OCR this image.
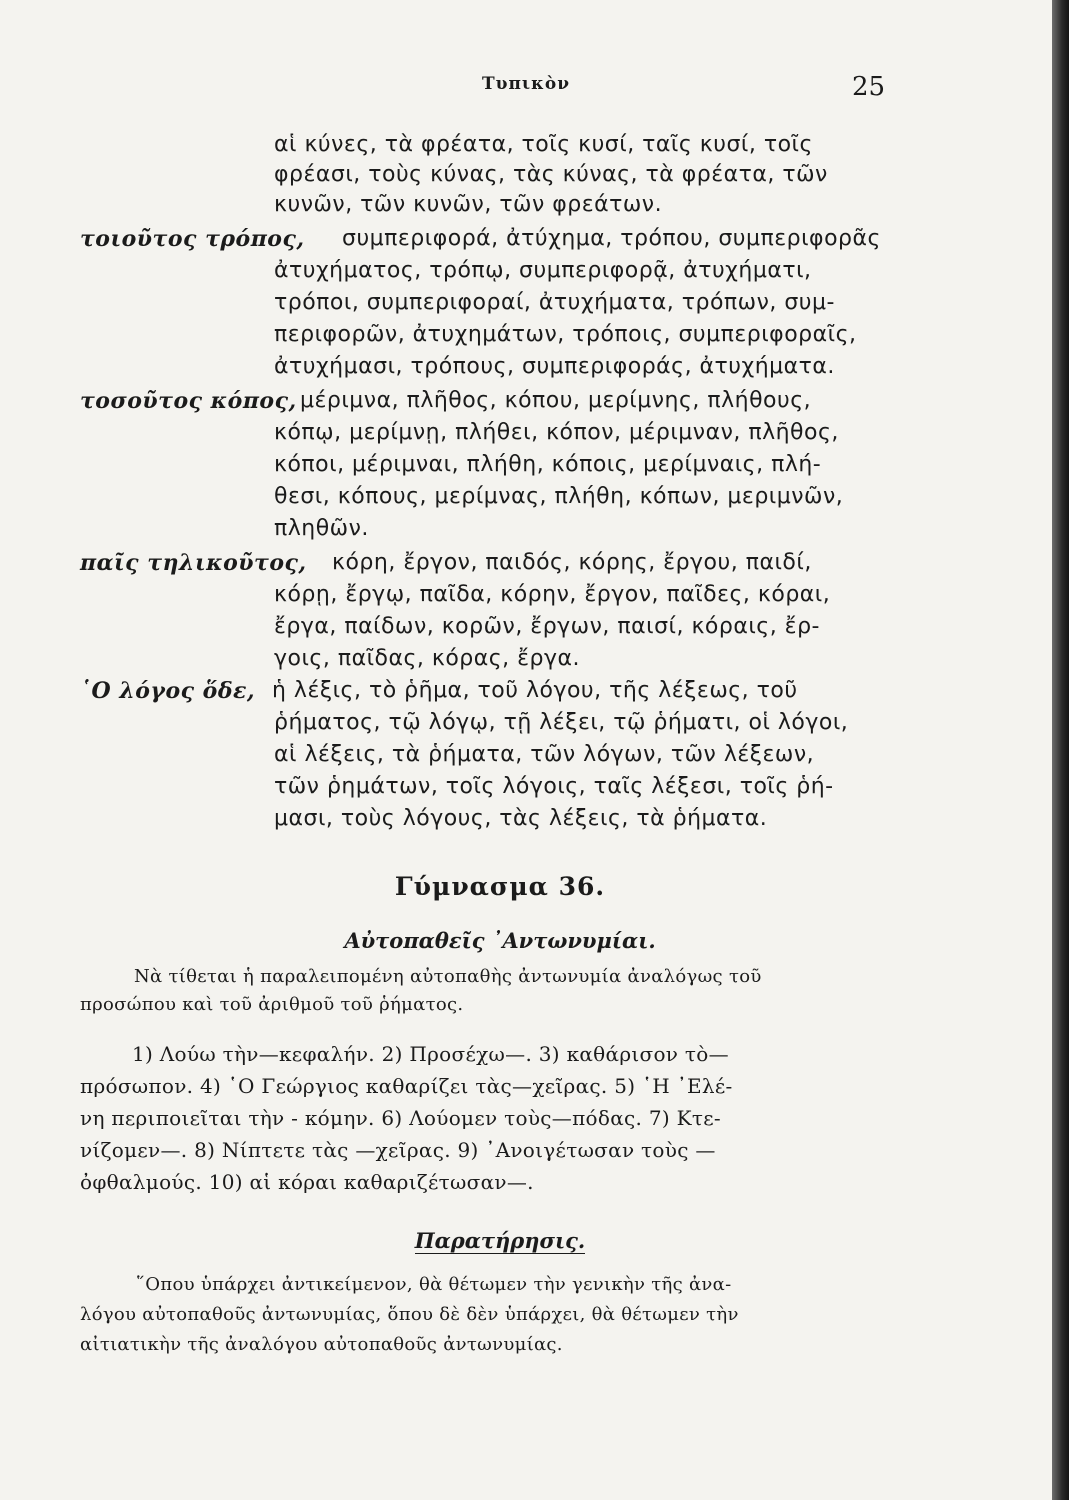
Τυπικὸν	25
αἱ κύνες, τὰ φρέατα, τοῖς κυσί, ταῖς κυσί, τοῖς
φρέασι, τοὺς κύνας, τὰς κύνας, τὰ φρέατα, τῶν
κυνῶν, τῶν κυνῶν, τῶν φρεάτων.
τοιοῦτος τρόπος, συμπεριφορά, ἀτύχημα, τρόπου, συμπεριφορᾶς
ἀτυχήματος, τρόπῳ, συμπεριφορᾷ, ἀτυχήματι,
τρόποι, συμπεριφοραί, ἀτυχήματα, τρόπων, συμ-
περιφορῶν, ἀτυχημάτων, τρόποις, συμπεριφοραῖς,
ἀτυχήμασι, τρόπους, συμπεριφοράς, ἀτυχήματα.
τοσοῦτος κόπος, μέριμνα, πλῆθος, κόπου, μερίμνης, πλήθους,
κόπῳ, μερίμνῃ, πλήθει, κόπον, μέριμναν, πλῆθος,
κόποι, μέριμναι, πλήθη, κόποις, μερίμναις, πλή-
θεσι, κόπους, μερίμνας, πλήθη, κόπων, μεριμνῶν,
πληθῶν.
παῖς τηλικοῦτος, κόρη, ἔργον, παιδός, κόρης, ἔργου, παιδί,
κόρῃ, ἔργῳ, παῖδα, κόρην, ἔργον, παῖδες, κόραι,
ἔργα, παίδων, κορῶν, ἔργων, παισί, κόραις, ἔρ-
γοις, παῖδας, κόρας, ἔργα.
῾Ο λόγος ὅδε, ἡ λέξις, τὸ ῥῆμα, τοῦ λόγου, τῆς λέξεως, τοῦ
ῥήματος, τῷ λόγῳ, τῇ λέξει, τῷ ῥήματι, οἱ λόγοι,
αἱ λέξεις, τὰ ῥήματα, τῶν λόγων, τῶν λέξεων,
τῶν ῥημάτων, τοῖς λόγοις, ταῖς λέξεσι, τοῖς ῥή-
μασι, τοὺς λόγους, τὰς λέξεις, τὰ ῥήματα.
Γύμνασμα 36.
Αὐτοπαθεῖς ᾿Αντωνυμίαι.
Νὰ τίθεται ἡ παραλειπομένη αὐτοπαθὴς ἀντωνυμία ἀναλόγως τοῦ
προσώπου καὶ τοῦ ἀριθμοῦ τοῦ ῥήματος.
1) Λούω τὴν—κεφαλήν. 2) Προσέχω—. 3) καθάρισον τὸ—
πρόσωπον. 4) ῾Ο Γεώργιος καθαρίζει τὰς—χεῖρας. 5) ῾Η ᾿Ελέ-
νη περιποιεῖται τὴν - κόμην. 6) Λούομεν τοὺς—πόδας. 7) Κτε-
νίζομεν—. 8) Νίπτετε τὰς —χεῖρας. 9) ᾿Ανοιγέτωσαν τοὺς —
ὀφθαλμούς. 10) αἱ κόραι καθαριζέτωσαν—.
Παρατήρησις.
῞Οπου ὑπάρχει ἀντικείμενον, θὰ θέτωμεν τὴν γενικὴν τῆς ἀνα-
λόγου αὐτοπαθοῦς ἀντωνυμίας, ὅπου δὲ δὲν ὑπάρχει, θὰ θέτωμεν τὴν
αἰτιατικὴν τῆς ἀναλόγου αὐτοπαθοῦς ἀντωνυμίας.
